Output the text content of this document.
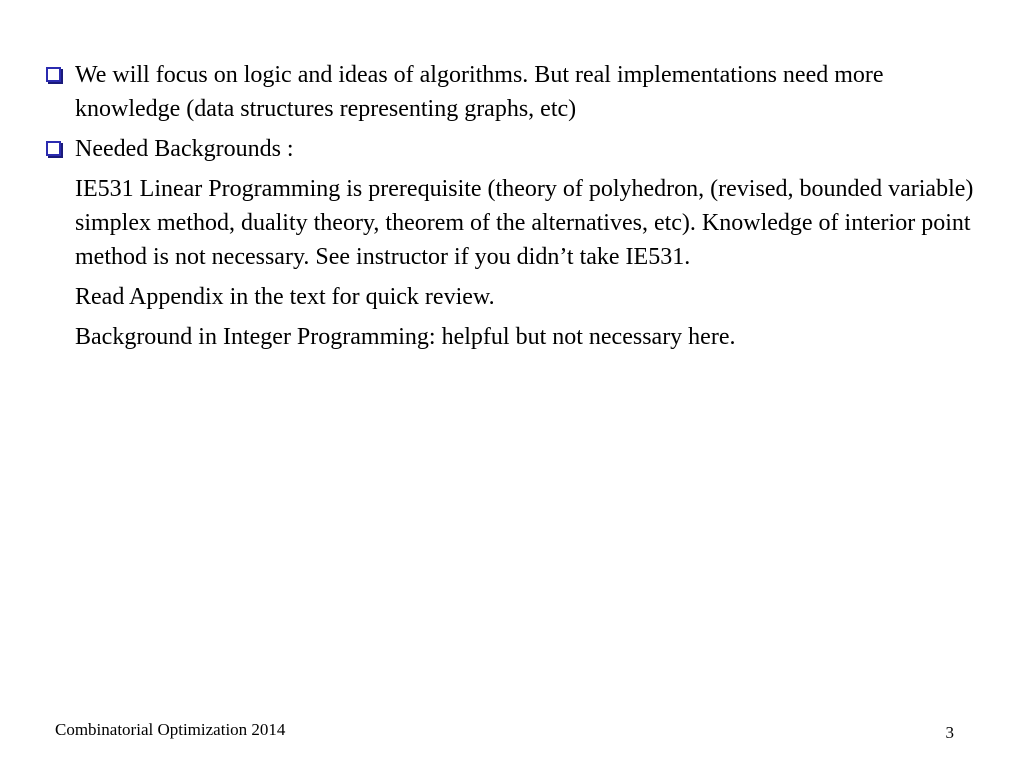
We will focus on logic and ideas of algorithms. But real implementations need more knowledge (data structures representing graphs, etc)
Needed Backgrounds :
IE531 Linear Programming is prerequisite (theory of polyhedron, (revised, bounded variable) simplex method, duality theory, theorem of the alternatives, etc). Knowledge of interior point method is not necessary. See instructor if you didn’t take IE531.
Read Appendix in the text for quick review.
Background in Integer Programming: helpful but not necessary here.
Combinatorial Optimization 2014	3
